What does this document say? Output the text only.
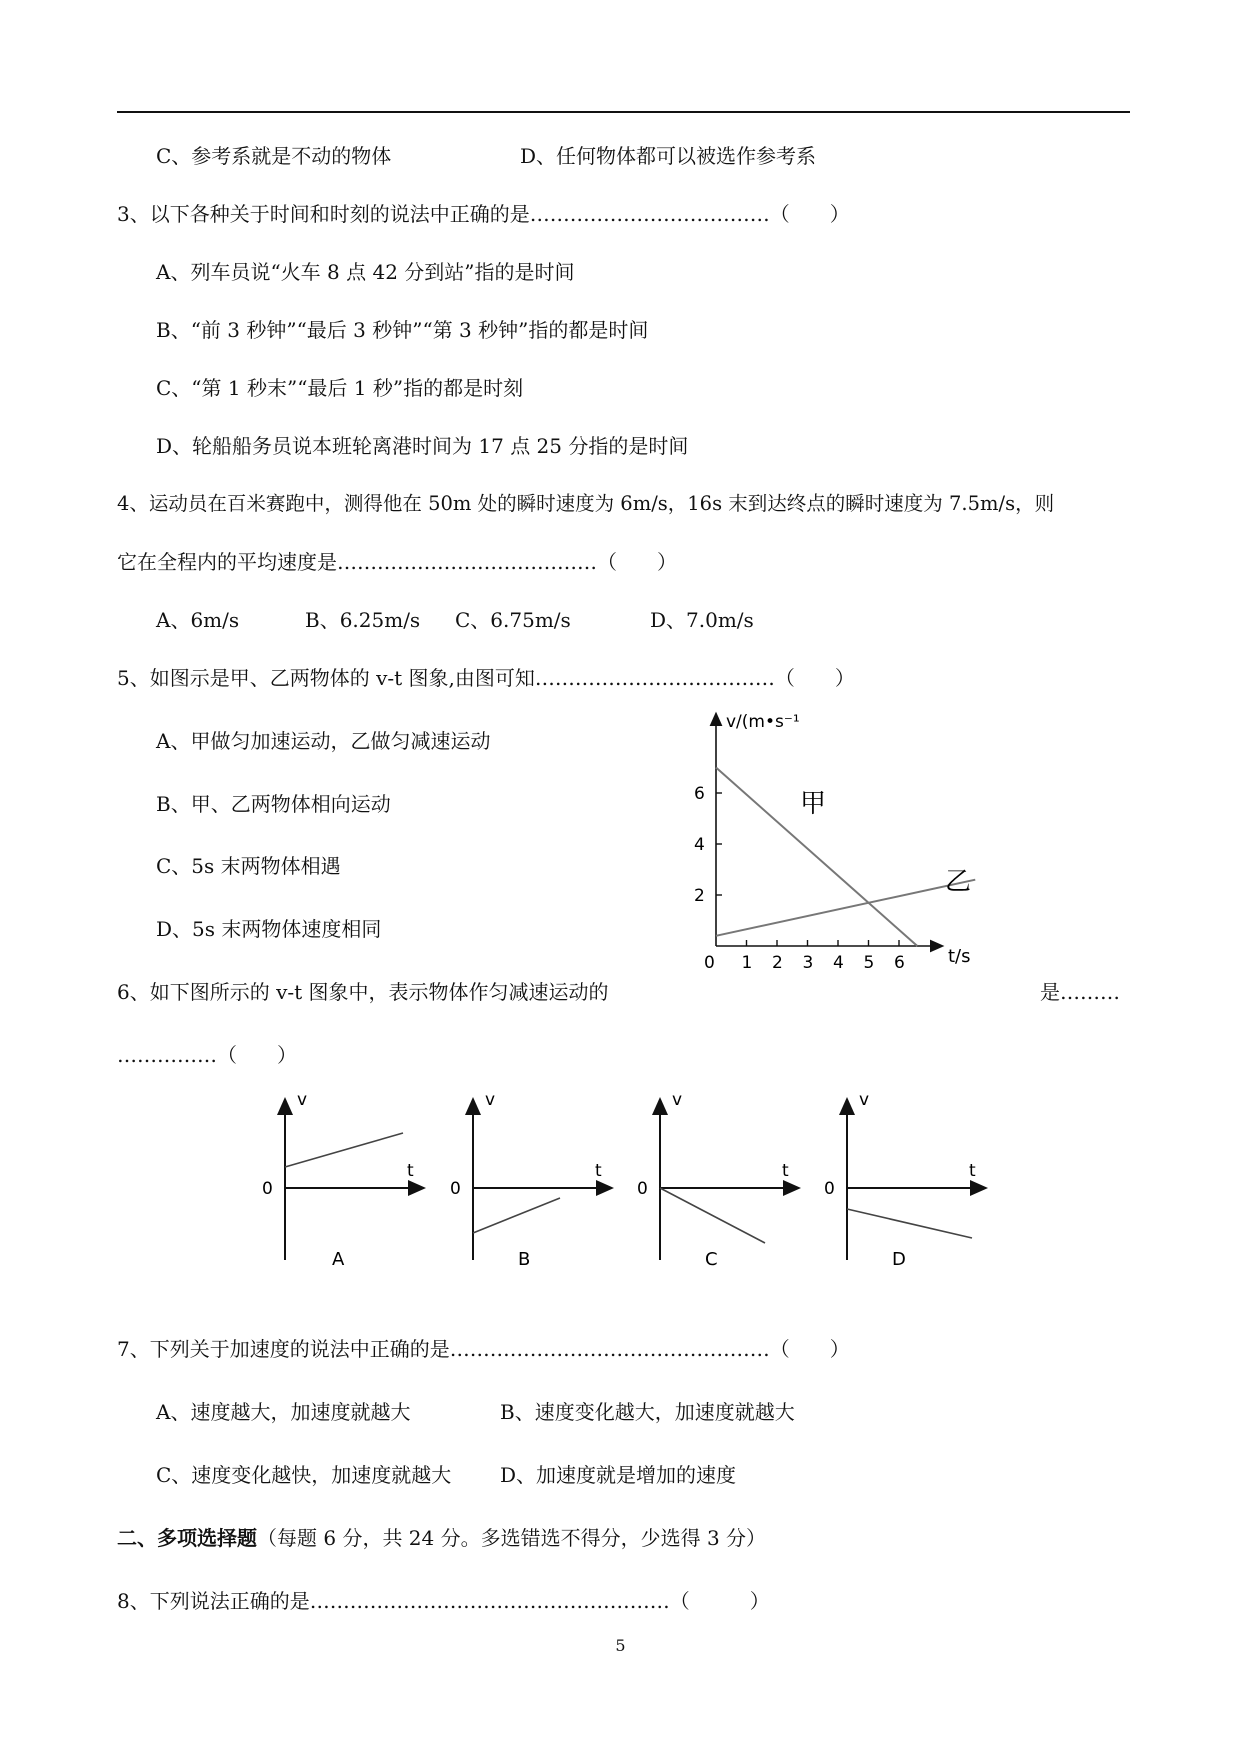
C、参考系就是不动的物体	D、任何物体都可以被选作参考系
3、以下各种关于时间和时刻的说法中正确的是………………………………（　　）
A、列车员说“火车 8 点 42 分到站”指的是时间
B、“前 3 秒钟”“最后 3 秒钟”“第 3 秒钟”指的都是时间
C、“第 1 秒末”“最后 1 秒”指的都是时刻
D、轮船船务员说本班轮离港时间为 17 点 25 分指的是时间
4、运动员在百米赛跑中，测得他在 50m 处的瞬时速度为 6m/s，16s 末到达终点的瞬时速度为 7.5m/s，则
它在全程内的平均速度是…………………………………（　　）
A、6m/s	B、6.25m/s C、6.75m/s	D、7.0m/s
5、如图示是甲、乙两物体的 v-t 图象,由图可知………………………………（　　）
A、甲做匀加速运动，乙做匀减速运动
B、甲、乙两物体相向运动
C、5s 末两物体相遇
D、5s 末两物体速度相同
v/(m•s⁻¹
t/s
6
4
2
0 1 2 3 4 5 6
甲
乙
6、如下图所示的 v-t 图象中，表示物体作匀减速运动的	是………
……………（　　）
v
t
0
A
v
t
0
B
v
t
0
C
v
t
0
D
7、下列关于加速度的说法中正确的是…………………………………………（　　）
A、速度越大，加速度就越大	B、速度变化越大，加速度就越大
C、速度变化越快，加速度就越大 D、加速度就是增加的速度
二、多项选择题（每题 6 分，共 24 分。多选错选不得分，少选得 3 分）
8、下列说法正确的是………………………………………………（　　　）
5
